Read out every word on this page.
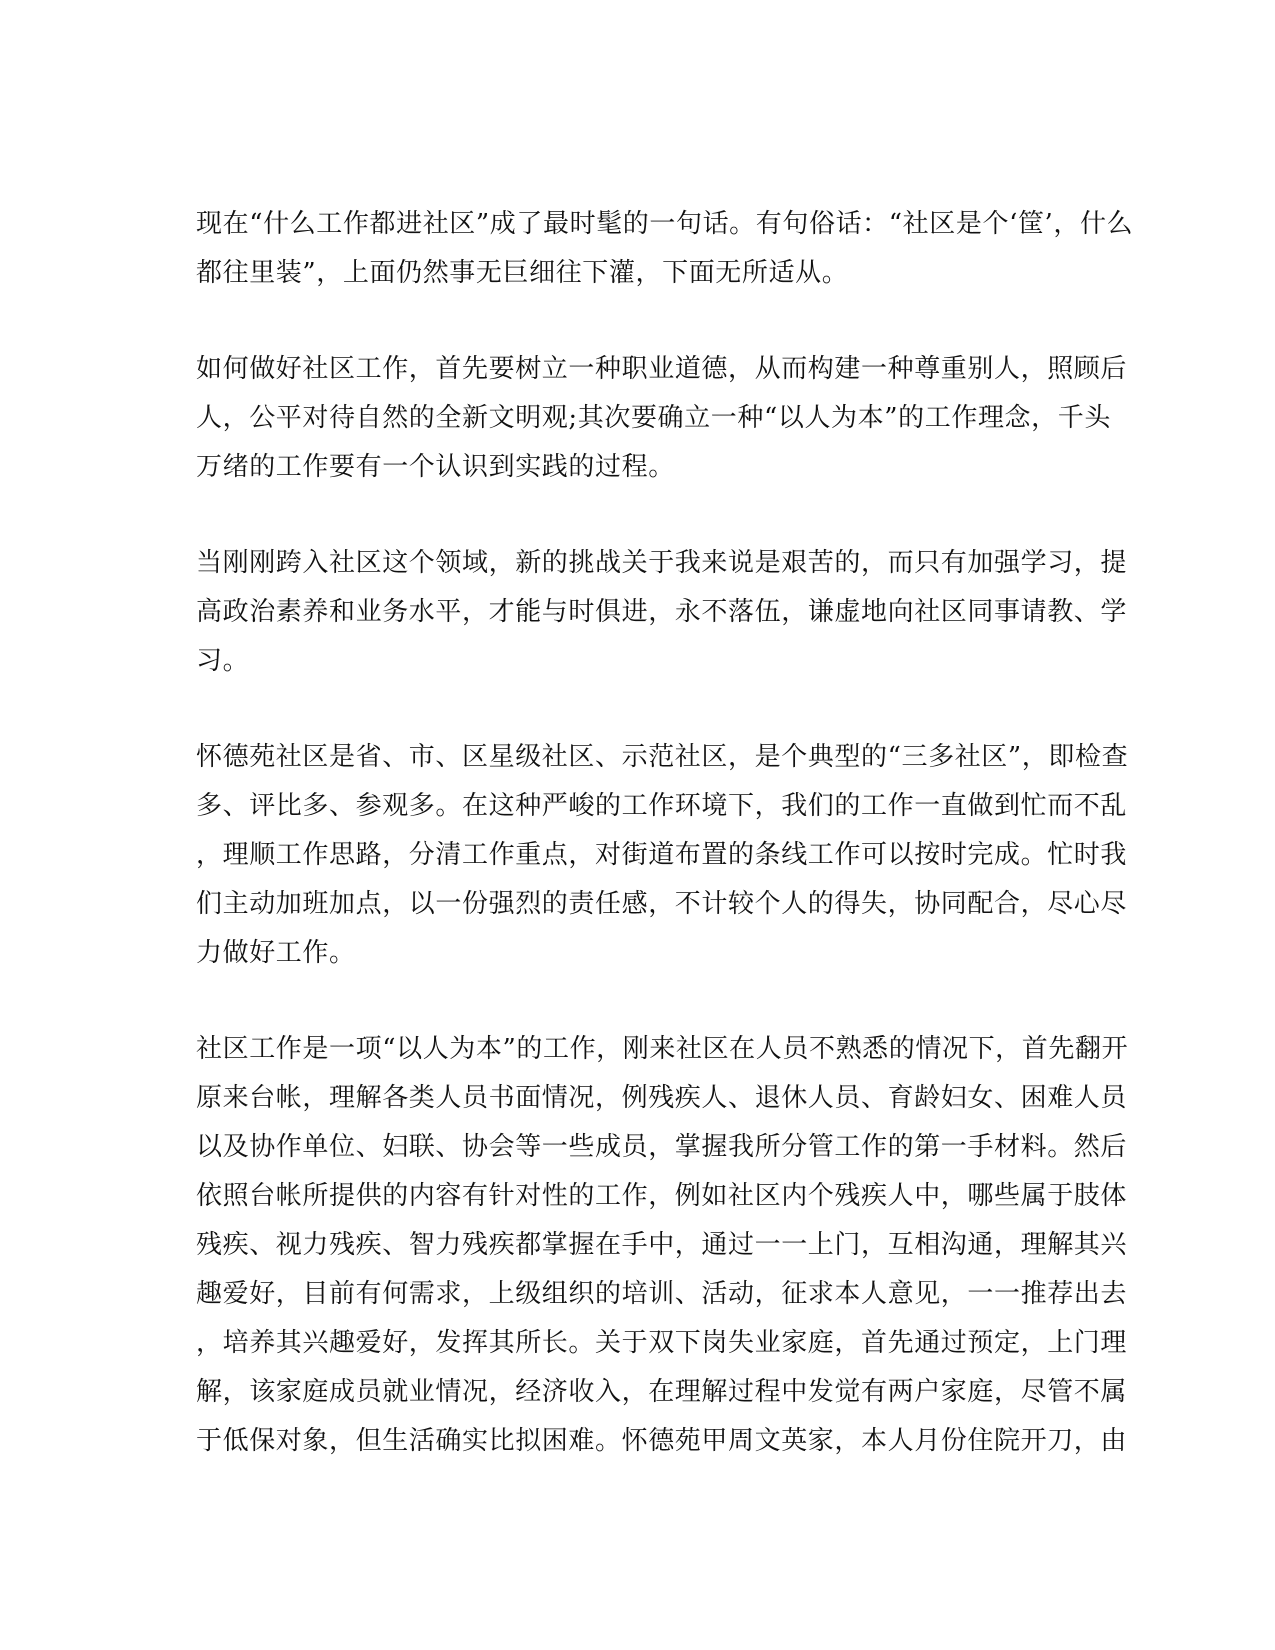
现在“什么工作都进社区”成了最时髦的一句话。有句俗话：“社区是个‘筐’，什么
都往里装”，上面仍然事无巨细往下灌，下面无所适从。
如何做好社区工作，首先要树立一种职业道德，从而构建一种尊重别人，照顾后
人，公平对待自然的全新文明观;其次要确立一种“以人为本”的工作理念，千头
万绪的工作要有一个认识到实践的过程。
当刚刚跨入社区这个领域，新的挑战关于我来说是艰苦的，而只有加强学习，提
高政治素养和业务水平，才能与时俱进，永不落伍，谦虚地向社区同事请教、学
习。
怀德苑社区是省、市、区星级社区、示范社区，是个典型的“三多社区”，即检查
多、评比多、参观多。在这种严峻的工作环境下，我们的工作一直做到忙而不乱
，理顺工作思路，分清工作重点，对街道布置的条线工作可以按时完成。忙时我
们主动加班加点，以一份强烈的责任感，不计较个人的得失，协同配合，尽心尽
力做好工作。
社区工作是一项“以人为本”的工作，刚来社区在人员不熟悉的情况下，首先翻开
原来台帐，理解各类人员书面情况，例残疾人、退休人员、育龄妇女、困难人员
以及协作单位、妇联、协会等一些成员，掌握我所分管工作的第一手材料。然后
依照台帐所提供的内容有针对性的工作，例如社区内个残疾人中，哪些属于肢体
残疾、视力残疾、智力残疾都掌握在手中，通过一一上门，互相沟通，理解其兴
趣爱好，目前有何需求，上级组织的培训、活动，征求本人意见，一一推荐出去
，培养其兴趣爱好，发挥其所长。关于双下岗失业家庭，首先通过预定，上门理
解，该家庭成员就业情况，经济收入，在理解过程中发觉有两户家庭，尽管不属
于低保对象，但生活确实比拟困难。怀德苑甲周文英家，本人月份住院开刀，由
